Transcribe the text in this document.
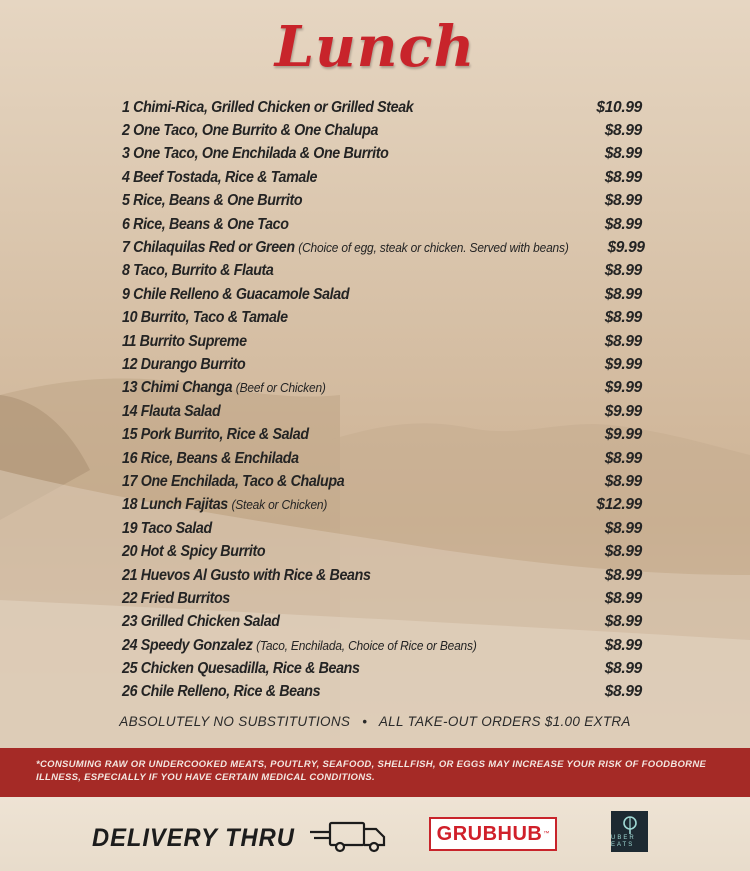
Lunch
1 Chimi-Rica, Grilled Chicken or Grilled Steak	$10.99
2 One Taco, One Burrito & One Chalupa	$8.99
3 One Taco, One Enchilada & One Burrito	$8.99
4 Beef Tostada, Rice & Tamale	$8.99
5 Rice, Beans & One Burrito	$8.99
6 Rice, Beans & One Taco	$8.99
7 Chilaquilas Red or Green (Choice of egg, steak or chicken. Served with beans)	$9.99
8 Taco, Burrito & Flauta	$8.99
9 Chile Relleno & Guacamole Salad	$8.99
10 Burrito, Taco & Tamale	$8.99
11 Burrito Supreme	$8.99
12 Durango Burrito	$9.99
13 Chimi Changa (Beef or Chicken)	$9.99
14 Flauta Salad	$9.99
15 Pork Burrito, Rice & Salad	$9.99
16 Rice, Beans & Enchilada	$8.99
17 One Enchilada, Taco & Chalupa	$8.99
18 Lunch Fajitas (Steak or Chicken)	$12.99
19 Taco Salad	$8.99
20 Hot & Spicy Burrito	$8.99
21 Huevos Al Gusto with Rice & Beans	$8.99
22 Fried Burritos	$8.99
23 Grilled Chicken Salad	$8.99
24 Speedy Gonzalez (Taco, Enchilada, Choice of Rice or Beans)	$8.99
25 Chicken Quesadilla, Rice & Beans	$8.99
26 Chile Relleno, Rice & Beans	$8.99
ABSOLUTELY NO SUBSTITUTIONS • ALL TAKE-OUT ORDERS $1.00 EXTRA
*CONSUMING RAW OR UNDERCOOKED MEATS, POUTLRY, SEAFOOD, SHELLFISH, OR EGGS MAY INCREASE YOUR RISK OF FOODBORNE ILLNESS, ESPECIALLY IF YOU HAVE CERTAIN MEDICAL CONDITIONS.
DELIVERY THRU	GRUBHUB ™
UBER EATS
